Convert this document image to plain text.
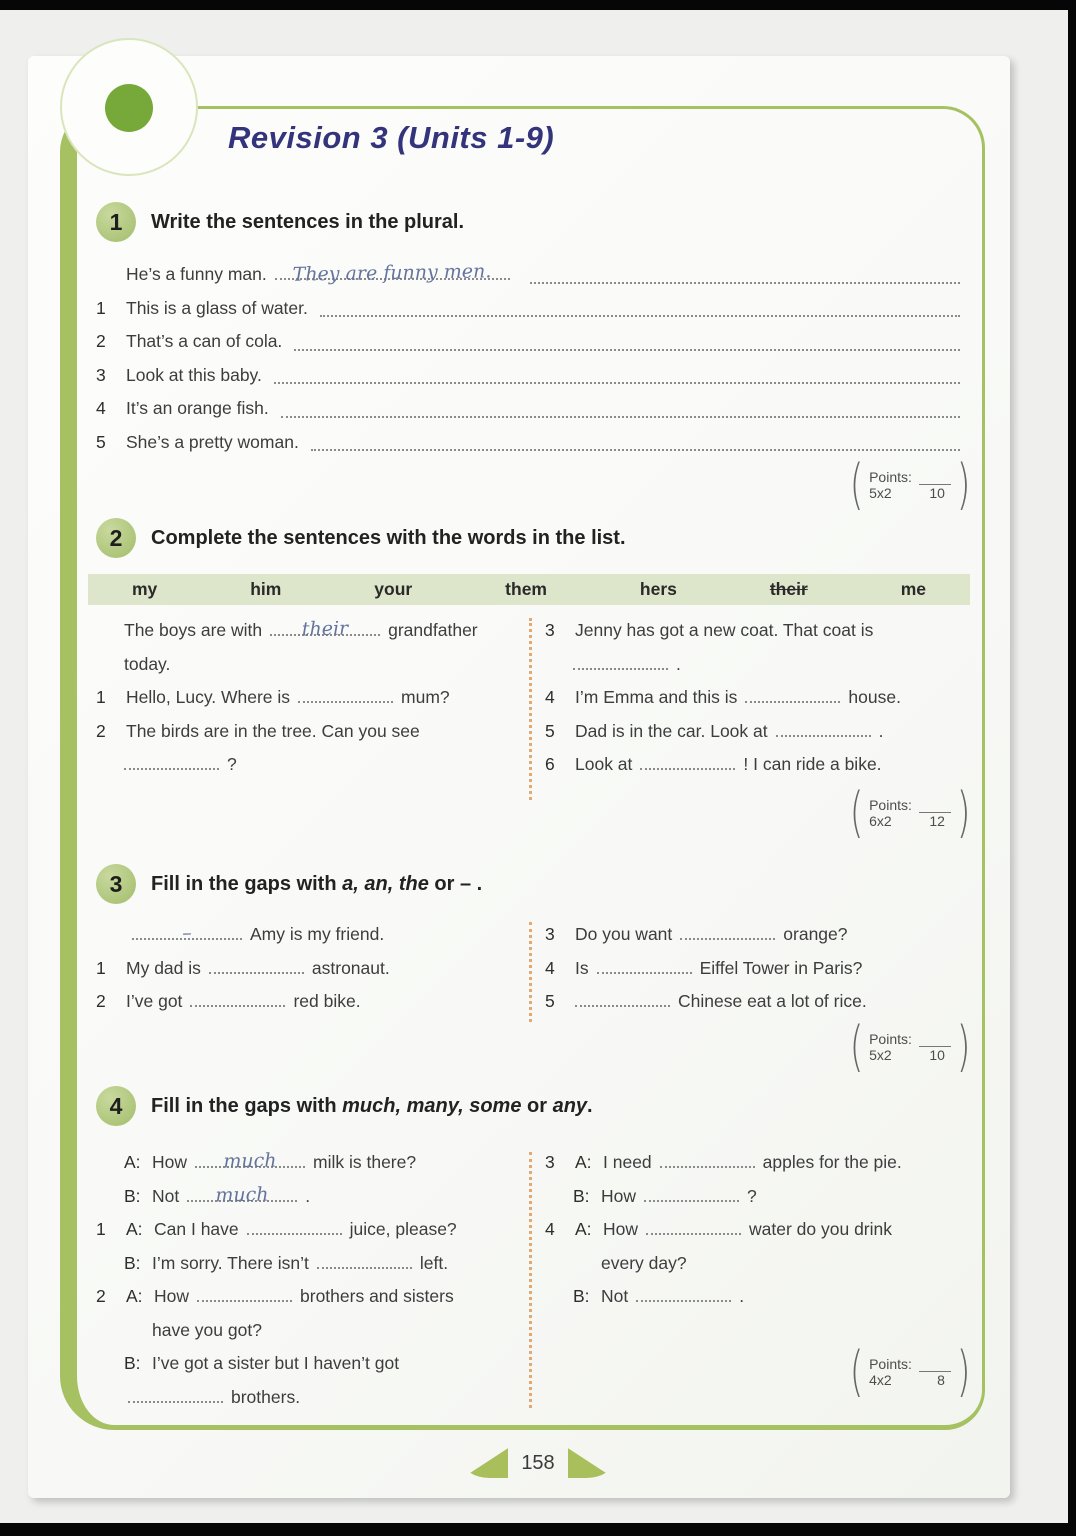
Revision 3 (Units 1-9)
1	Write the sentences in the plural.
He’s a funny man. They are funny men.
1	This is a glass of water.
2	That’s a can of cola.
3	Look at this baby.
4	It’s an orange fish.
5	She’s a pretty woman.
( Points:
5x2	10 )
2	Complete the sentences with the words in the list.
my	him	your	them	hers	their	me
The boys are with their grandfather
today.
1	Hello, Lucy. Where is	mum?
2	The birds are in the tree. Can you see
?
3	Jenny has got a new coat. That coat is
.
4	I’m Emma and this is	house.
5	Dad is in the car. Look at	.
6	Look at	! I can ride a bike.
( Points:
6x2	12 )
3	Fill in the gaps with a, an, the or – .
–	Amy is my friend.
1	My dad is	astronaut.
2	I’ve got	red bike.
3	Do you want	orange?
4	Is	Eiffel Tower in Paris?
5	Chinese eat a lot of rice.
( Points:
5x2	10 )
4	Fill in the gaps with much, many, some or any.
A: How much milk is there?
B: Not much .
1	A: Can I have	juice, please?
B: I’m sorry. There isn’t	left.
2	A: How	brothers and sisters
have you got?
B: I’ve got a sister but I haven’t got
brothers.
3	A: I need	apples for the pie.
B: How	?
4	A: How	water do you drink
every day?
B: Not	.
( Points:
4x2	8 )
158
